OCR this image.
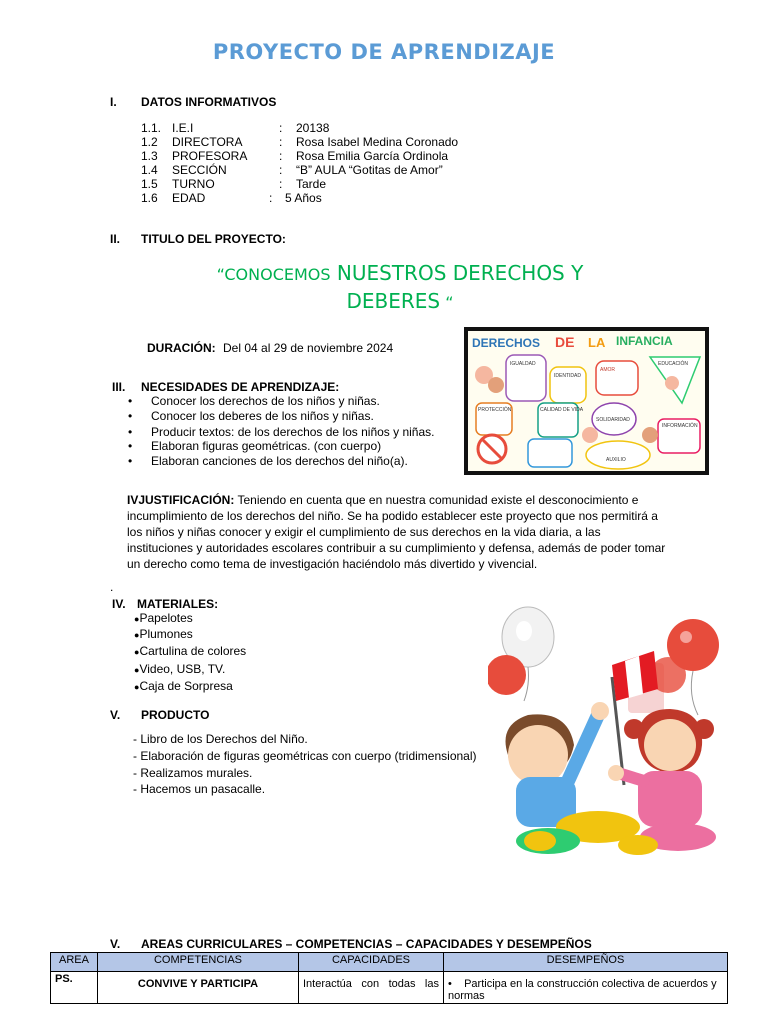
PROYECTO DE APRENDIZAJE
I. DATOS INFORMATIVOS
1.1. I.E.I	: 20138
1.2 DIRECTORA	: Rosa Isabel Medina Coronado
1.3 PROFESORA	: Rosa Emilia García Ordinola
1.4 SECCIÓN	: “B” AULA “Gotitas de Amor”
1.5 TURNO	: Tarde
1.6 EDAD	: 5 Años
II. TITULO DEL PROYECTO:
“CONOCEMOS NUESTROS DERECHOS Y
DEBERES “
DURACIÓN: Del 04 al 29 de noviembre 2024	DERECHOS DE LA INFANCIA
IGUALDAD
IDENTIDAD
AMOR
EDUCACIÓN
PROTECCIÓN	CALIDAD DE VIDA
SOLIDARIDAD
INFORMACIÓN
AUXILIO
III. NECESIDADES DE APRENDIZAJE:
• Conocer los derechos de los niños y niñas.
• Conocer los deberes de los niños y niñas.
• Producir textos: de los derechos de los niños y niñas.
• Elaboran figuras geométricas. (con cuerpo)
• Elaboran canciones de los derechos del niño(a).
IVJUSTIFICACIÓN: Teniendo en cuenta que en nuestra comunidad existe el desconocimiento e incumplimiento de los derechos del niño. Se ha podido establecer este proyecto que nos permitirá a los niños y niñas conocer y exigir el cumplimiento de sus derechos en la vida diaria, a las instituciones y autoridades escolares contribuir a su cumplimiento y defensa, además de poder tomar un derecho como tema de investigación haciéndolo más divertido y vivencial.
.
IV. MATERIALES:
●Papelotes
●Plumones
●Cartulina de colores
●Video, USB, TV.
●Caja de Sorpresa
V. PRODUCTO
- Libro de los Derechos del Niño.
- Elaboración de figuras geométricas con cuerpo (tridimensional)
- Realizamos murales.
- Hacemos un pasacalle.
V. AREAS CURRICULARES – COMPETENCIAS – CAPACIDADES Y DESEMPEÑOS
AREA	COMPETENCIAS	CAPACIDADES	DESEMPEÑOS
PS.	CONVIVE Y PARTICIPA	Interactúa con todas las	• Participa en la construcción colectiva de acuerdos y normas
